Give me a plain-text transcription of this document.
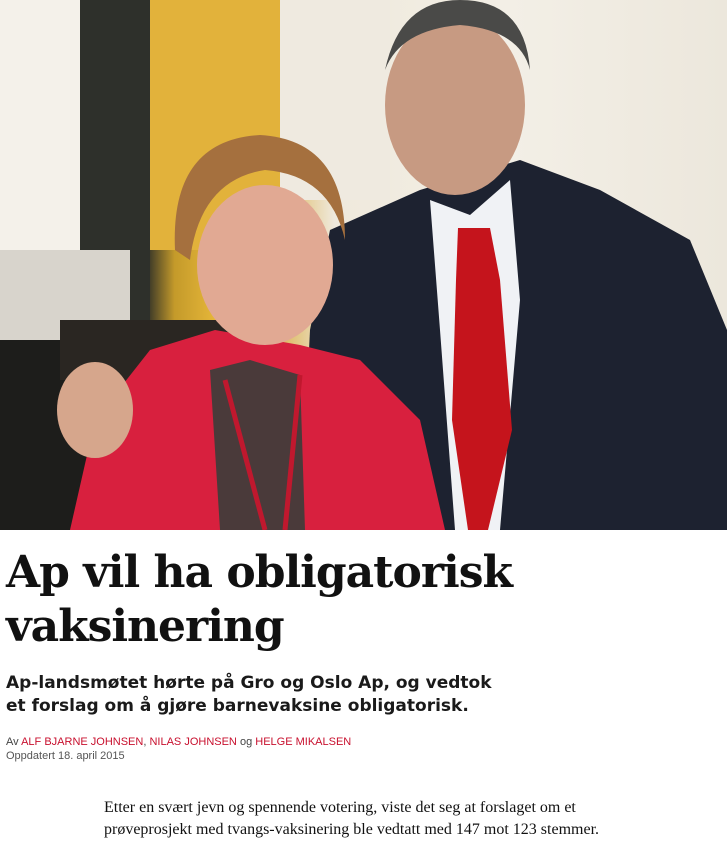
Ap vil ha obligatorisk vaksinering
Ap-landsmøtet hørte på Gro og Oslo Ap, og vedtok et forslag om å gjøre barnevaksine obligatorisk.
Av ALF BJARNE JOHNSEN, NILAS JOHNSEN og HELGE MIKALSEN
Oppdatert 18. april 2015

Etter en svært jevn og spennende votering, viste det seg at forslaget om et prøveprosjekt med tvangs-vaksinering ble vedtatt med 147 mot 123 stemmer.
